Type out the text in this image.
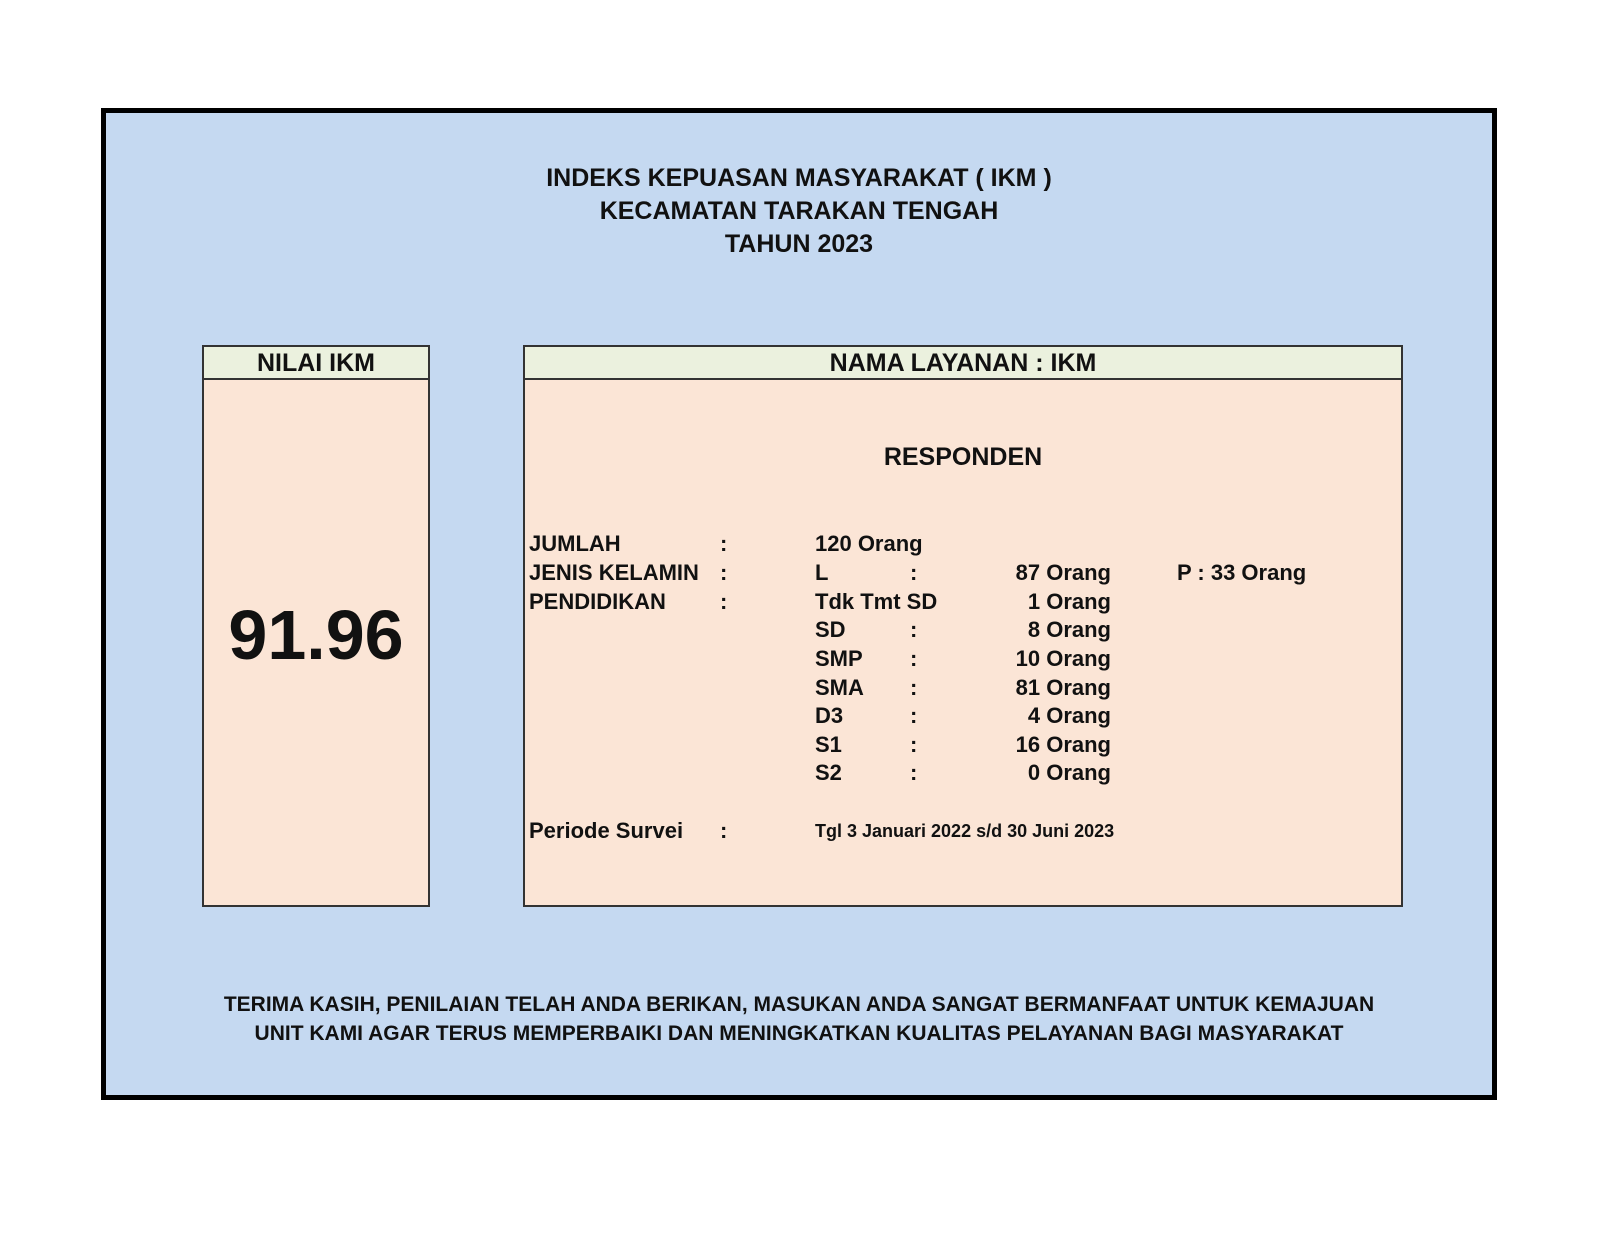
INDEKS KEPUASAN MASYARAKAT ( IKM )
KECAMATAN TARAKAN TENGAH
TAHUN 2023
NILAI IKM
91.96
NAMA LAYANAN : IKM
RESPONDEN
JUMLAH	:	120 Orang
JENIS KELAMIN :	L	:	87 Orang	P : 33 Orang
PENDIDIKAN :	Tdk Tmt SD	1 Orang
SD	:	8 Orang
SMP :	10 Orang
SMA :	81 Orang
D3	:	4 Orang
S1	:	16 Orang
S2	:	0 Orang
Periode Survei :	Tgl 3 Januari 2022 s/d 30 Juni 2023
TERIMA KASIH, PENILAIAN TELAH ANDA BERIKAN, MASUKAN ANDA SANGAT BERMANFAAT UNTUK KEMAJUAN
UNIT KAMI AGAR TERUS MEMPERBAIKI DAN MENINGKATKAN KUALITAS PELAYANAN BAGI MASYARAKAT
